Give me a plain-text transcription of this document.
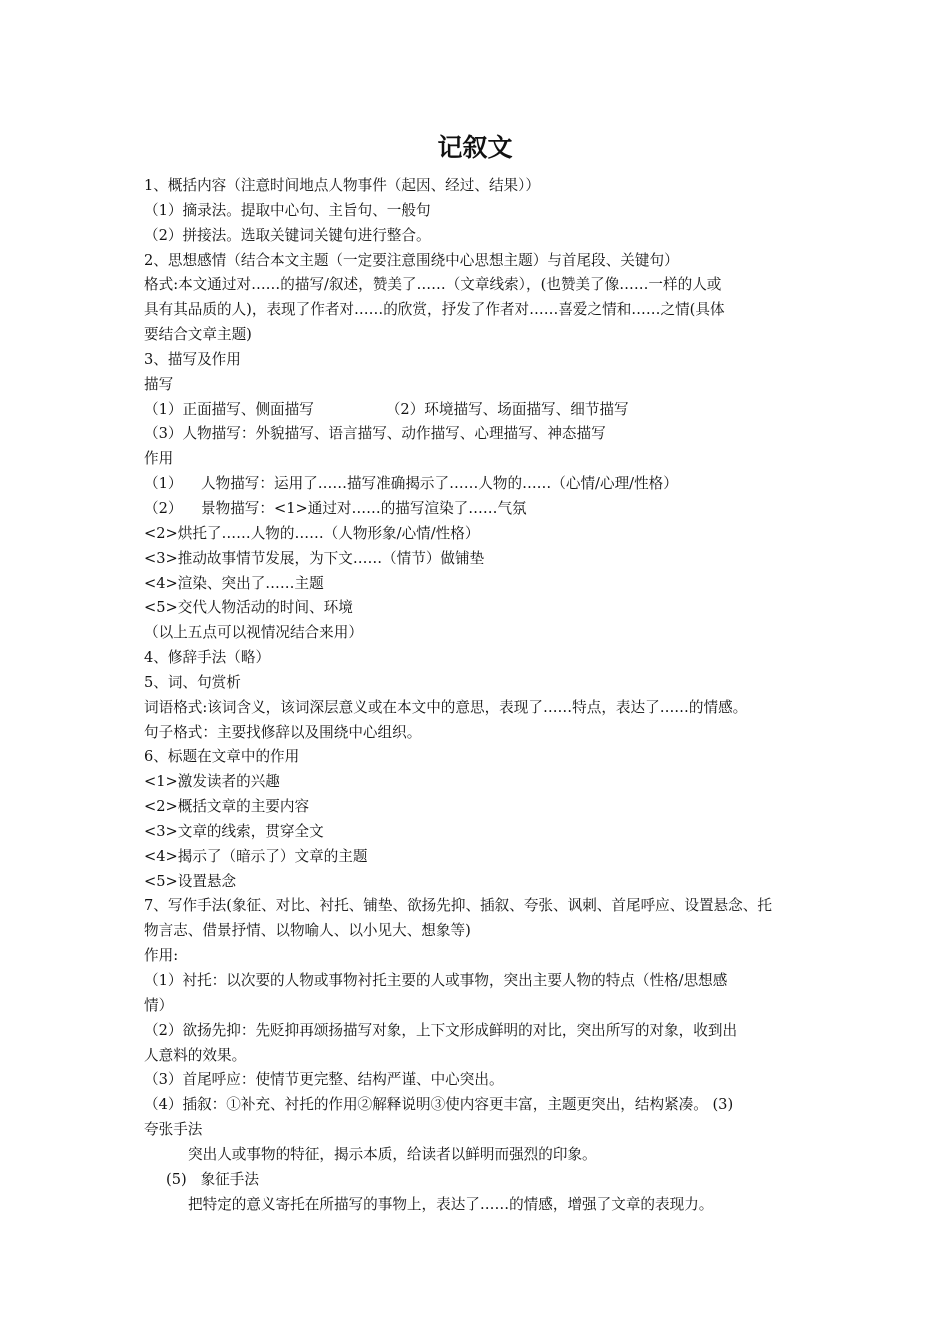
记叙文
1、概括内容（注意时间地点人物事件（起因、经过、结果））
（1）摘录法。提取中心句、主旨句、一般句
（2）拼接法。选取关键词关键句进行整合。
2、思想感情（结合本文主题（一定要注意围绕中心思想主题）与首尾段、关键句）
格式:本文通过对……的描写/叙述，赞美了……（文章线索），(也赞美了像……一样的人或
具有其品质的人)，表现了作者对……的欣赏，抒发了作者对……喜爱之情和……之情(具体
要结合文章主题)
3、描写及作用
描写
（1）正面描写、侧面描写	（2）环境描写、场面描写、细节描写
（3）人物描写：外貌描写、语言描写、动作描写、心理描写、神态描写
作用
（1）    人物描写：运用了……描写准确揭示了……人物的……（心情/心理/性格）
（2）    景物描写：<1>通过对……的描写渲染了……气氛
<2>烘托了……人物的……（人物形象/心情/性格）
<3>推动故事情节发展，为下文……（情节）做铺垫
<4>渲染、突出了……主题
<5>交代人物活动的时间、环境
（以上五点可以视情况结合来用）
4、修辞手法（略）
5、词、句赏析
词语格式:该词含义，该词深层意义或在本文中的意思，表现了……特点，表达了……的情感。
句子格式：主要找修辞以及围绕中心组织。
6、标题在文章中的作用
<1>激发读者的兴趣
<2>概括文章的主要内容
<3>文章的线索，贯穿全文
<4>揭示了（暗示了）文章的主题
<5>设置悬念
7、写作手法(象征、对比、衬托、铺垫、欲扬先抑、插叙、夸张、讽刺、首尾呼应、设置悬念、托
物言志、借景抒情、以物喻人、以小见大、想象等)
作用:
（1）衬托：以次要的人物或事物衬托主要的人或事物，突出主要人物的特点（性格/思想感
情）
（2）欲扬先抑：先贬抑再颂扬描写对象，上下文形成鲜明的对比，突出所写的对象，收到出
人意料的效果。
（3）首尾呼应：使情节更完整、结构严谨、中心突出。
（4）插叙：①补充、衬托的作用②解释说明③使内容更丰富，主题更突出，结构紧凑。 (3)
夸张手法
突出人或事物的特征，揭示本质，给读者以鲜明而强烈的印象。
(5)   象征手法
把特定的意义寄托在所描写的事物上，表达了……的情感，增强了文章的表现力。
